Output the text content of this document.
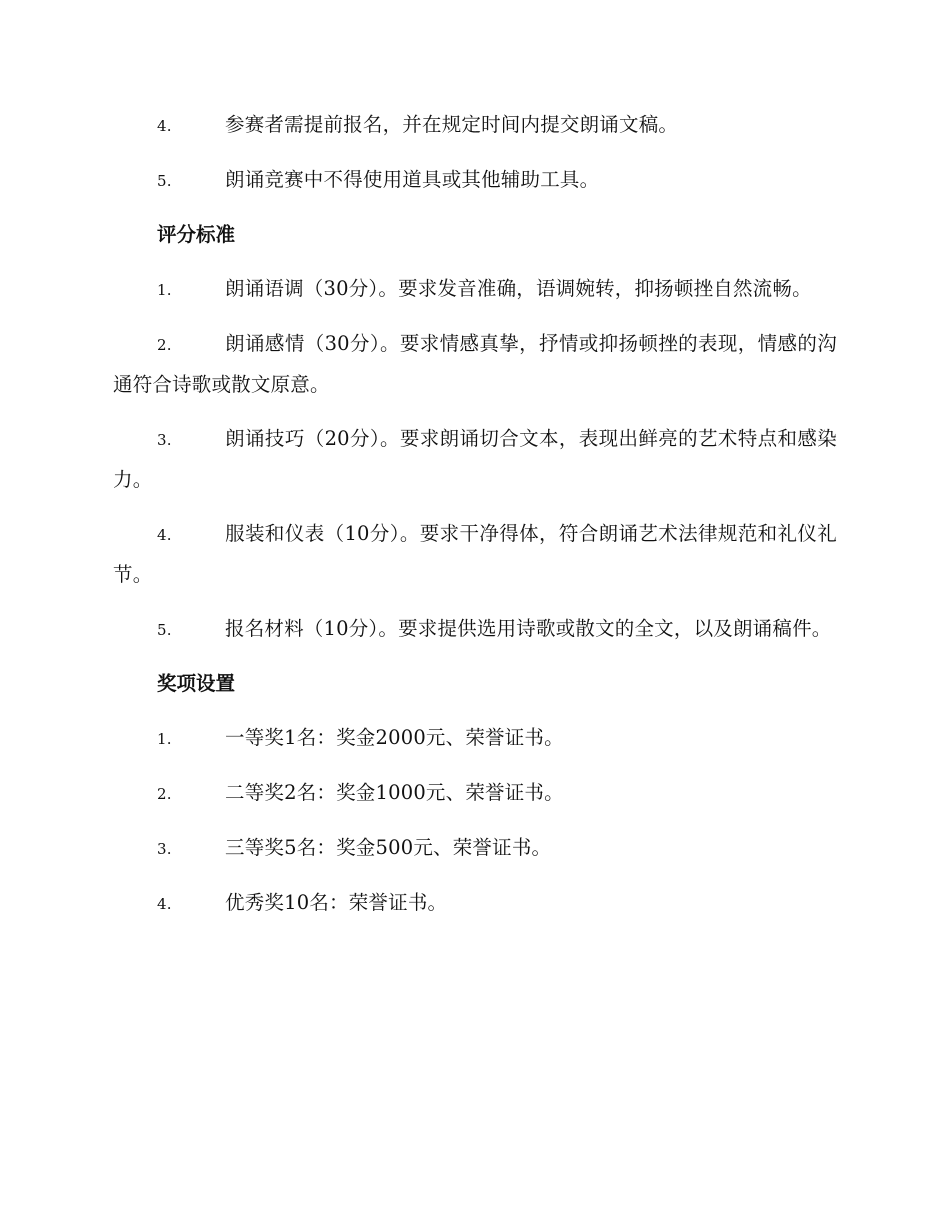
4.	参赛者需提前报名，并在规定时间内提交朗诵文稿。
5.	朗诵竞赛中不得使用道具或其他辅助工具。
评分标准
1.	朗诵语调（30分）。要求发音准确，语调婉转，抑扬顿挫自然流畅。
2.	朗诵感情（30分）。要求情感真挚，抒情或抑扬顿挫的表现，情感的沟通符合诗歌或散文原意。
3.	朗诵技巧（20分）。要求朗诵切合文本，表现出鲜亮的艺术特点和感染力。
4.	服装和仪表（10分）。要求干净得体，符合朗诵艺术法律规范和礼仪礼节。
5.	报名材料（10分）。要求提供选用诗歌或散文的全文，以及朗诵稿件。
奖项设置
1.	一等奖1名：奖金2000元、荣誉证书。
2.	二等奖2名：奖金1000元、荣誉证书。
3.	三等奖5名：奖金500元、荣誉证书。
4.	优秀奖10名：荣誉证书。
